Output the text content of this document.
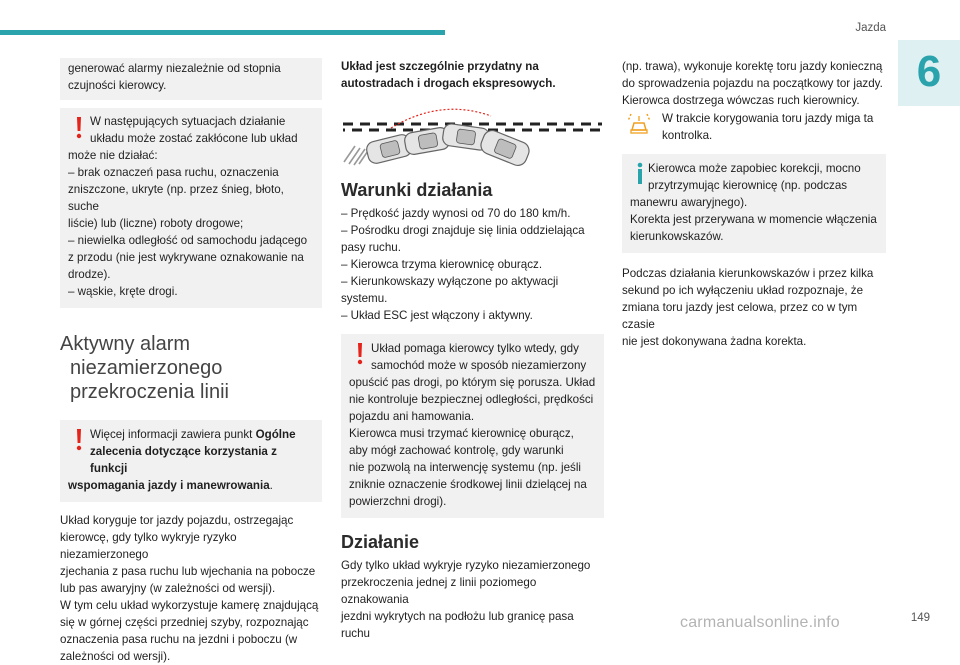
Jazda
6

generować alarmy niezależnie od stopnia

czujności kierowcy.

W następujących sytuacjach działanie

układu może zostać zakłócone lub układ

może nie działać:

– brak oznaczeń pasa ruchu, oznaczenia

zniszczone, ukryte (np. przez śnieg, błoto, suche

liście) lub (liczne) roboty drogowe;

– niewielka odległość od samochodu jadącego

z przodu (nie jest wykrywane oznakowanie na

drodze).

– wąskie, kręte drogi.

Aktywny alarm
niezamierzonego
przekroczenia linii

Więcej informacji zawiera punkt Ogólne

zalecenia dotyczące korzystania z funkcji

wspomagania jazdy i manewrowania.

Układ koryguje tor jazdy pojazdu, ostrzegając

kierowcę, gdy tylko wykryje ryzyko niezamierzonego

zjechania z pasa ruchu lub wjechania na pobocze

lub pas awaryjny (w zależności od wersji).

W tym celu układ wykorzystuje kamerę znajdującą

się w górnej części przedniej szyby, rozpoznając

oznaczenia pasa ruchu na jezdni i poboczu (w

zależności od wersji).

Układ jest szczególnie przydatny na

autostradach i drogach ekspresowych.

Warunki działania

– Prędkość jazdy wynosi od 70 do 180 km/h.

– Pośrodku drogi znajduje się linia oddzielająca

pasy ruchu.

– Kierowca trzyma kierownicę oburącz.

– Kierunkowskazy wyłączone po aktywacji systemu.

– Układ ESC jest włączony i aktywny.

Układ pomaga kierowcy tylko wtedy, gdy

samochód może w sposób niezamierzony

opuścić pas drogi, po którym się porusza. Układ

nie kontroluje bezpiecznej odległości, prędkości

pojazdu ani hamowania.

Kierowca musi trzymać kierownicę oburącz,

aby mógł zachować kontrolę, gdy warunki

nie pozwolą na interwencję systemu (np. jeśli

zniknie oznaczenie środkowej linii dzielącej na

powierzchni drogi).

Działanie

Gdy tylko układ wykryje ryzyko niezamierzonego

przekroczenia jednej z linii poziomego oznakowania

jezdni wykrytych na podłożu lub granicę pasa ruchu

(np. trawa), wykonuje korektę toru jazdy konieczną

do sprowadzenia pojazdu na początkowy tor jazdy.

Kierowca dostrzega wówczas ruch kierownicy.

W trakcie korygowania toru jazdy miga ta

kontrolka.

Kierowca może zapobiec korekcji, mocno

przytrzymując kierownicę (np. podczas

manewru awaryjnego).

Korekta jest przerywana w momencie włączenia

kierunkowskazów.

Podczas działania kierunkowskazów i przez kilka

sekund po ich wyłączeniu układ rozpoznaje, że

zmiana toru jazdy jest celowa, przez co w tym czasie

nie jest dokonywana żadna korekta.

carmanualsonline.info	149
